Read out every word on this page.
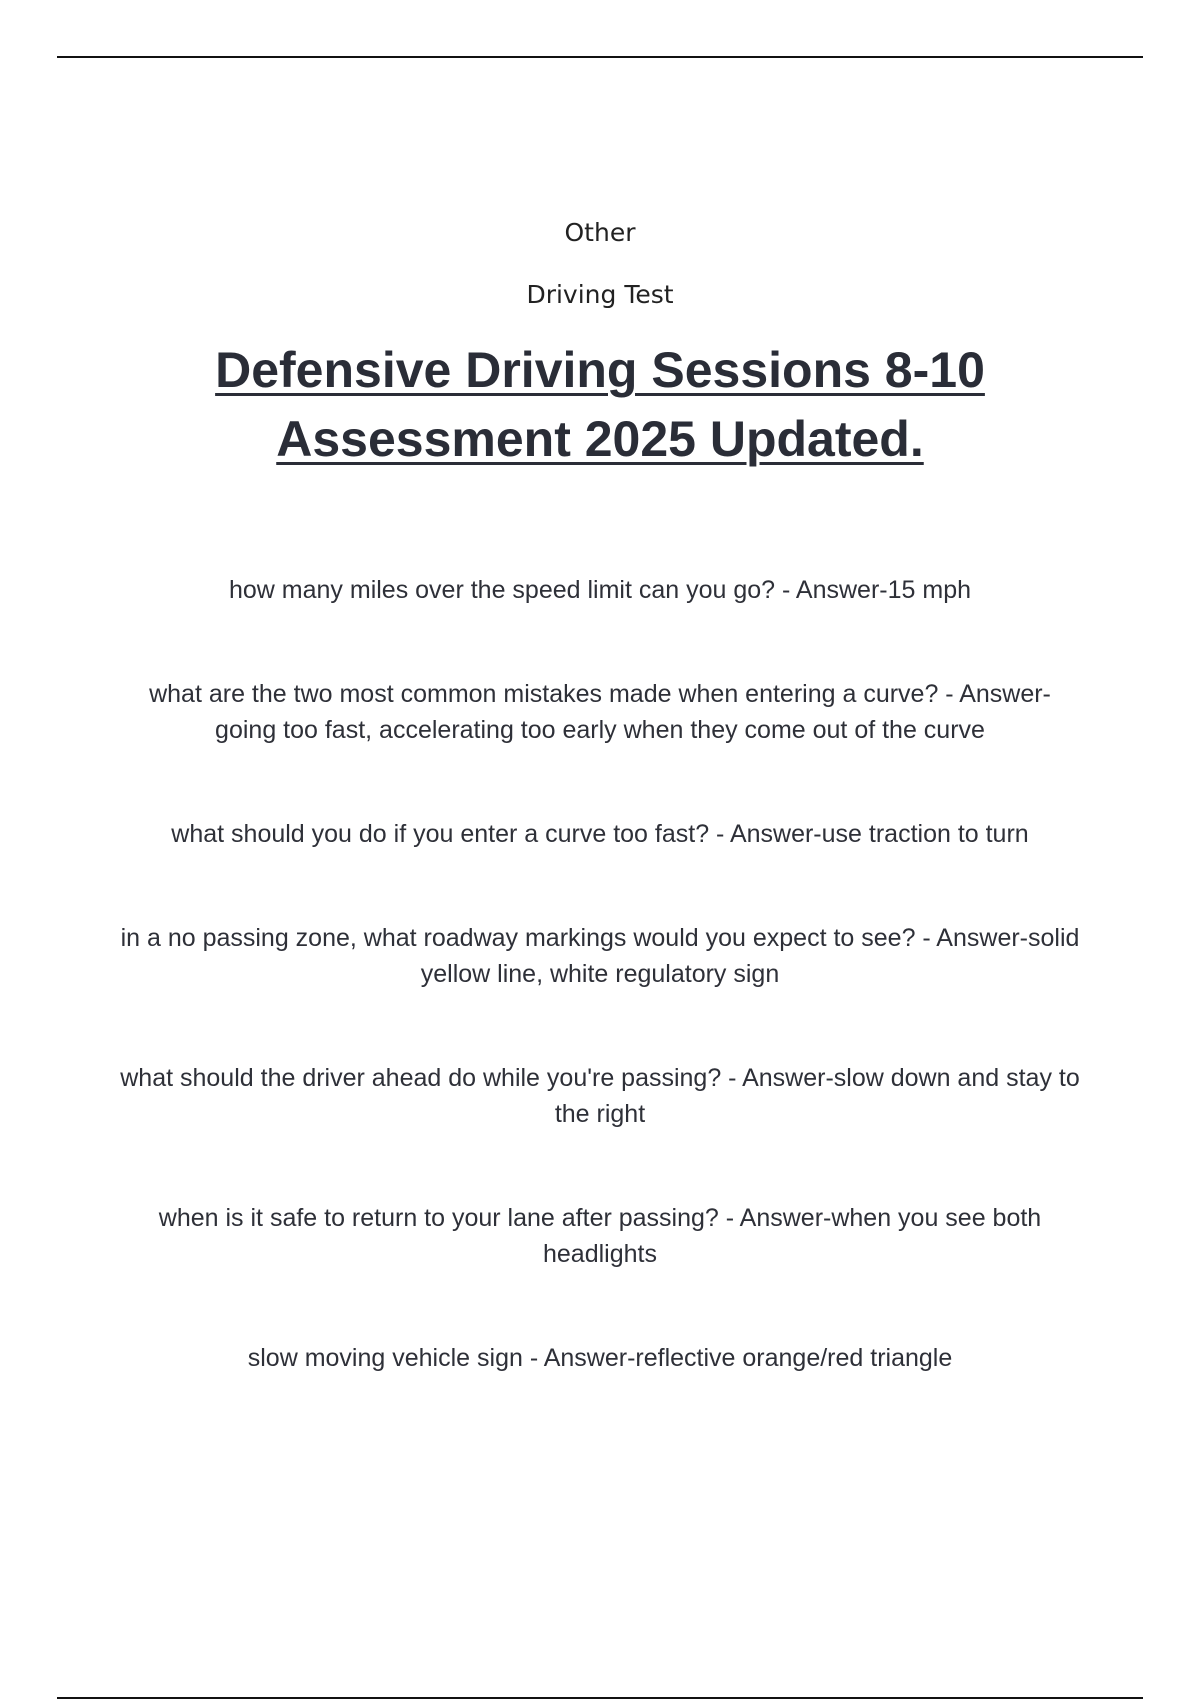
Other
Driving Test
Defensive Driving Sessions 8-10 Assessment 2025 Updated.

how many miles over the speed limit can you go? - Answer-15 mph

what are the two most common mistakes made when entering a curve? - Answer-going too fast, accelerating too early when they come out of the curve

what should you do if you enter a curve too fast? - Answer-use traction to turn

in a no passing zone, what roadway markings would you expect to see? - Answer-solid yellow line, white regulatory sign

what should the driver ahead do while you're passing? - Answer-slow down and stay to the right

when is it safe to return to your lane after passing? - Answer-when you see both headlights

slow moving vehicle sign - Answer-reflective orange/red triangle
